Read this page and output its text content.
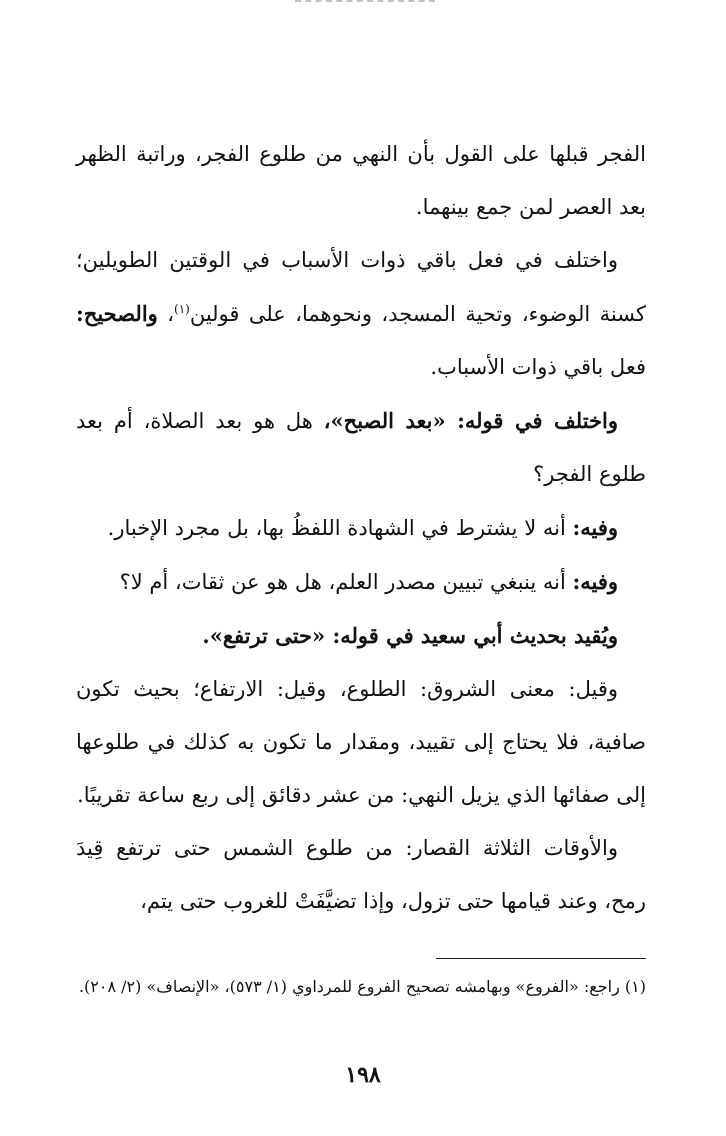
الفجر قبلها على القول بأن النهي من طلوع الفجر، وراتبة الظهر بعد العصر لمن جمع بينهما.

واختلف في فعل باقي ذوات الأسباب في الوقتين الطويلين؛ كسنة الوضوء، وتحية المسجد، ونحوهما، على قولين$^{(١)}$، والصحيح: فعل باقي ذوات الأسباب.

واختلف في قوله: «بعد الصبح»، هل هو بعد الصلاة، أم بعد طلوع الفجر؟

وفيه: أنه لا يشترط في الشهادة اللفظُ بها، بل مجرد الإخبار.

وفيه: أنه ينبغي تبيين مصدر العلم، هل هو عن ثقات، أم لا؟

ويُقيد بحديث أبي سعيد في قوله: «حتى ترتفع».

وقيل: معنى الشروق: الطلوع، وقيل: الارتفاع؛ بحيث تكون صافية، فلا يحتاج إلى تقييد، ومقدار ما تكون به كذلك في طلوعها إلى صفائها الذي يزيل النهي: من عشر دقائق إلى ربع ساعة تقريبًا.

والأوقات الثلاثة القصار: من طلوع الشمس حتى ترتفع قِيدَ رمح، وعند قيامها حتى تزول، وإذا تضيَّفَتْ للغروب حتى يتم،

(١) راجع: «الفروع» وبهامشه تصحيح الفروع للمرداوي (١/ ٥٧٣)، «الإنصاف» (٢/ ٢٠٨).
١٩٨
